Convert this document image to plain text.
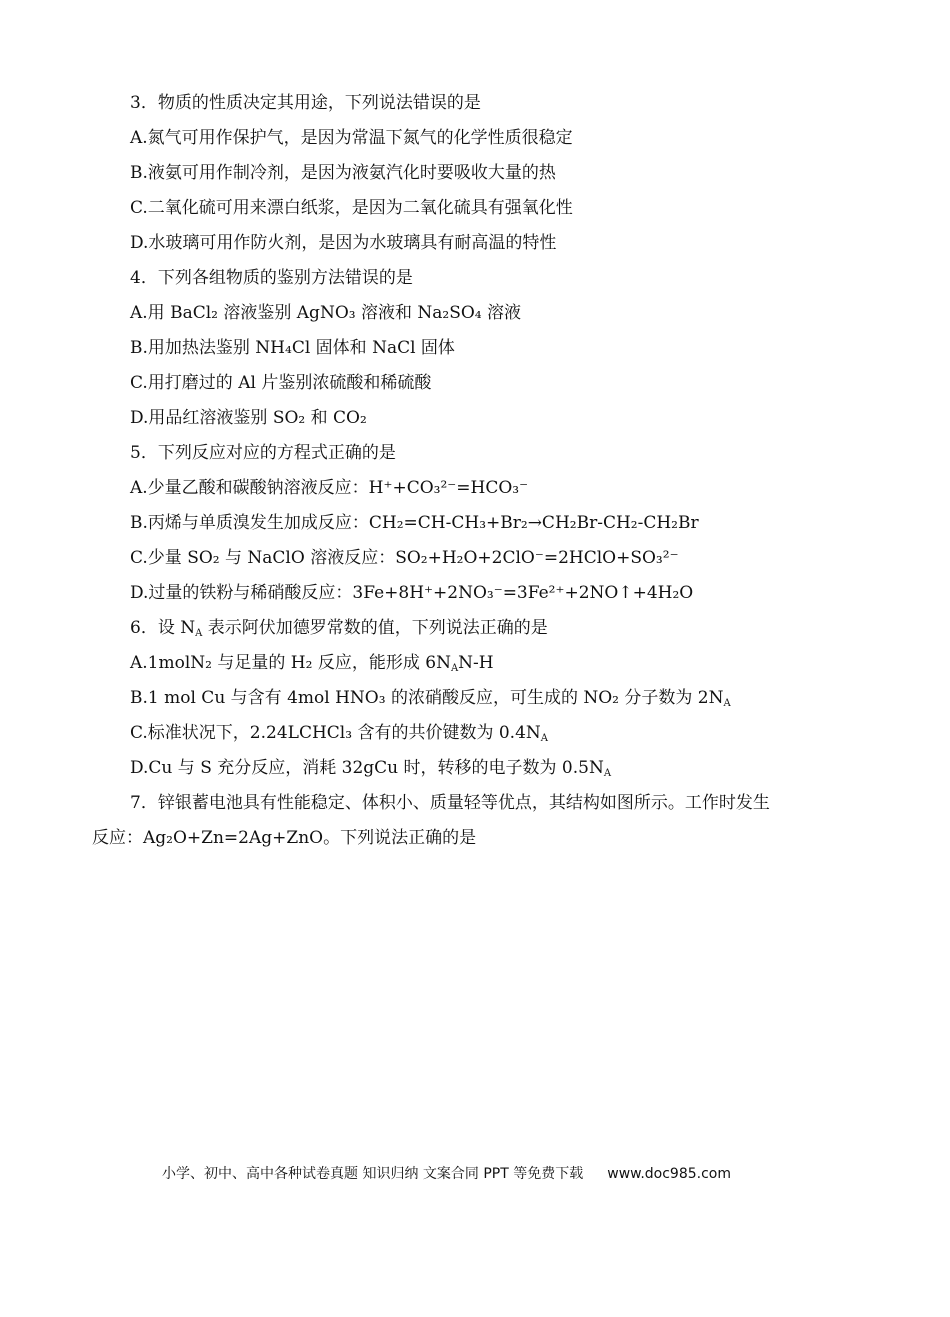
3．物质的性质决定其用途，下列说法错误的是
A.氮气可用作保护气，是因为常温下氮气的化学性质很稳定
B.液氨可用作制冷剂，是因为液氨汽化时要吸收大量的热
C.二氧化硫可用来漂白纸浆，是因为二氧化硫具有强氧化性
D.水玻璃可用作防火剂，是因为水玻璃具有耐高温的特性
4．下列各组物质的鉴别方法错误的是
A.用 BaCl₂ 溶液鉴别 AgNO₃ 溶液和 Na₂SO₄ 溶液
B.用加热法鉴别 NH₄Cl 固体和 NaCl 固体
C.用打磨过的 Al 片鉴别浓硫酸和稀硫酸
D.用品红溶液鉴别 SO₂ 和 CO₂
5．下列反应对应的方程式正确的是
A.少量乙酸和碳酸钠溶液反应：H⁺+CO₃²⁻=HCO₃⁻
B.丙烯与单质溴发生加成反应：CH₂=CH-CH₃+Br₂→CH₂Br-CH₂-CH₂Br
C.少量 SO₂ 与 NaClO 溶液反应：SO₂+H₂O+2ClO⁻=2HClO+SO₃²⁻
D.过量的铁粉与稀硝酸反应：3Fe+8H⁺+2NO₃⁻=3Fe²⁺+2NO↑+4H₂O
6．设 $N_A$ 表示阿伏加德罗常数的值，下列说法正确的是
A.1molN₂ 与足量的 H₂ 反应，能形成 $6N_AN-H$
B.1 mol Cu 与含有 4mol HNO₃ 的浓硝酸反应，可生成的 NO₂ 分子数为 $2N_A$
C.标准状况下，2.24LCHCl₃ 含有的共价键数为 $0.4N_A$
D.Cu 与 S 充分反应，消耗 32gCu 时，转移的电子数为 $0.5N_A$
7．锌银蓄电池具有性能稳定、体积小、质量轻等优点，其结构如图所示。工作时发生
反应：Ag₂O+Zn=2Ag+ZnO。下列说法正确的是
小学、初中、高中各种试卷真题 知识归纳 文案合同 PPT 等免费下载 www.doc985.com
